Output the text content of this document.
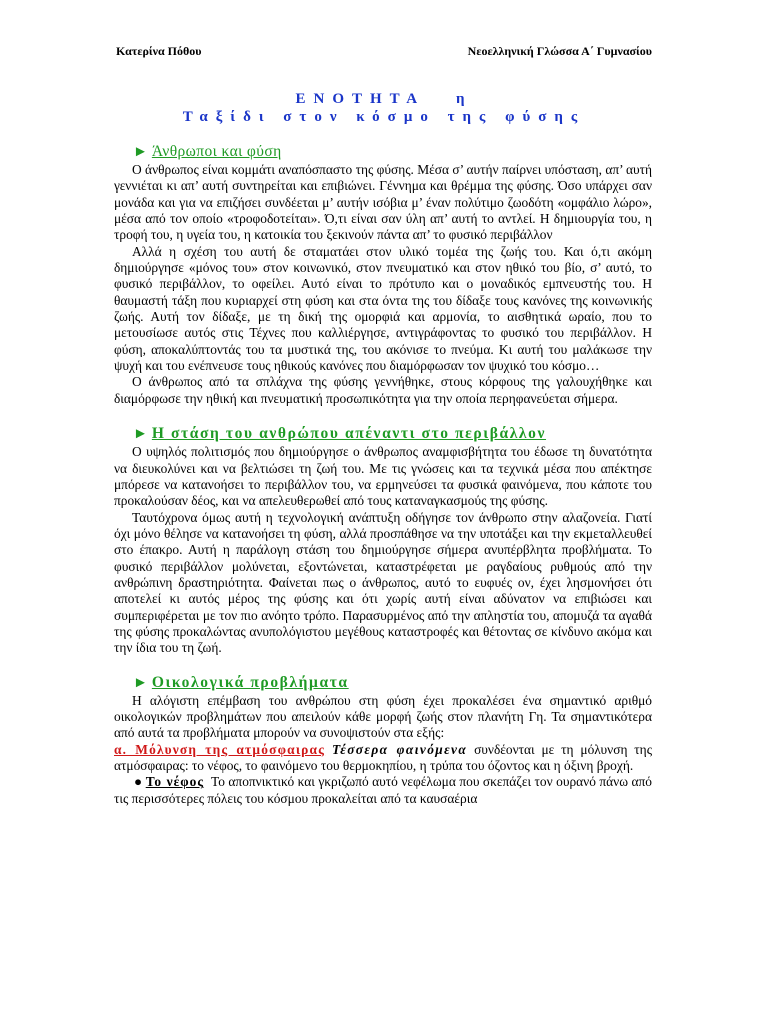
Κατερίνα Πόθου	Νεοελληνική Γλώσσα Α΄ Γυμνασίου
ΕΝΟΤΗΤΑ η
Ταξίδι στον κόσμο της φύσης
► Άνθρωποι και φύση

Ο άνθρωπος είναι κομμάτι αναπόσπαστο της φύσης. Μέσα σ’ αυτήν παίρνει υπόσταση, απ’ αυτή γεννιέται κι απ’ αυτή συντηρείται και επιβιώνει. Γέννημα και θρέμμα της φύσης. Όσο υπάρχει σαν μονάδα και για να επιζήσει συνδέεται μ’ αυτήν ισόβια μ’ έναν πολύτιμο ζωοδότη «ομφάλιο λώρο», μέσα από τον οποίο «τροφοδοτείται». Ό,τι είναι σαν ύλη απ’ αυτή το αντλεί. Η δημιουργία του, η τροφή του, η υγεία του, η κατοικία του ξεκινούν πάντα απ’ το φυσικό περιβάλλον

Αλλά η σχέση του αυτή δε σταματάει στον υλικό τομέα της ζωής του. Και ό,τι ακόμη δημιούργησε «μόνος του» στον κοινωνικό, στον πνευματικό και στον ηθικό του βίο, σ’ αυτό, το φυσικό περιβάλλον, το οφείλει. Αυτό είναι το πρότυπο και ο μοναδικός εμπνευστής του. Η θαυμαστή τάξη που κυριαρχεί στη φύση και στα όντα της του δίδαξε τους κανόνες της κοινωνικής ζωής. Αυτή τον δίδαξε, με τη δική της ομορφιά και αρμονία, το αισθητικά ωραίο, που το μετουσίωσε αυτός στις Τέχνες που καλλιέργησε, αντιγράφοντας το φυσικό του περιβάλλον. Η φύση, αποκαλύπτοντάς του τα μυστικά της, του ακόνισε το πνεύμα. Κι αυτή του μαλάκωσε την ψυχή και του ενέπνευσε τους ηθικούς κανόνες που διαμόρφωσαν τον ψυχικό του κόσμο…

Ο άνθρωπος από τα σπλάχνα της φύσης γεννήθηκε, στους κόρφους της γαλουχήθηκε και διαμόρφωσε την ηθική και πνευματική προσωπικότητα για την οποία περηφανεύεται σήμερα.

► Η στάση του ανθρώπου απέναντι στο περιβάλλον

Ο υψηλός πολιτισμός που δημιούργησε ο άνθρωπος αναμφισβήτητα του έδωσε τη δυνατότητα να διευκολύνει και να βελτιώσει τη ζωή του. Με τις γνώσεις και τα τεχνικά μέσα που απέκτησε μπόρεσε να κατανοήσει το περιβάλλον του, να ερμηνεύσει τα φυσικά φαινόμενα, που κάποτε του προκαλούσαν δέος, και να απελευθερωθεί από τους καταναγκασμούς της φύσης.

Ταυτόχρονα όμως αυτή η τεχνολογική ανάπτυξη οδήγησε τον άνθρωπο στην αλαζονεία. Γιατί όχι μόνο θέλησε να κατανοήσει τη φύση, αλλά προσπάθησε να την υποτάξει και την εκμεταλλευθεί στο έπακρο. Αυτή η παράλογη στάση του δημιούργησε σήμερα ανυπέρβλητα προβλήματα. Το φυσικό περιβάλλον μολύνεται, εξοντώνεται, καταστρέφεται με ραγδαίους ρυθμούς από την ανθρώπινη δραστηριότητα. Φαίνεται πως ο άνθρωπος, αυτό το ευφυές ον, έχει λησμονήσει ότι αποτελεί κι αυτός μέρος της φύσης και ότι χωρίς αυτή είναι αδύνατον να επιβιώσει και συμπεριφέρεται με τον πιο ανόητο τρόπο. Παρασυρμένος από την απληστία του, απομυζά τα αγαθά της φύσης προκαλώντας ανυπολόγιστου μεγέθους καταστροφές και θέτοντας σε κίνδυνο ακόμα και την ίδια του τη ζωή.

► Οικολογικά προβλήματα

Η αλόγιστη επέμβαση του ανθρώπου στη φύση έχει προκαλέσει ένα σημαντικό αριθμό οικολογικών προβλημάτων που απειλούν κάθε μορφή ζωής στον πλανήτη Γη. Τα σημαντικότερα από αυτά τα προβλήματα μπορούν να συνοψιστούν στα εξής:

α. Μόλυνση της ατμόσφαιρας Τέσσερα φαινόμενα συνδέονται με τη μόλυνση της ατμόσφαιρας: το νέφος, το φαινόμενο του θερμοκηπίου, η τρύπα του όζοντος και η όξινη βροχή.

● Το νέφος Το αποπνικτικό και γκριζωπό αυτό νεφέλωμα που σκεπάζει τον ουρανό πάνω από τις περισσότερες πόλεις του κόσμου προκαλείται από τα καυσαέρια
